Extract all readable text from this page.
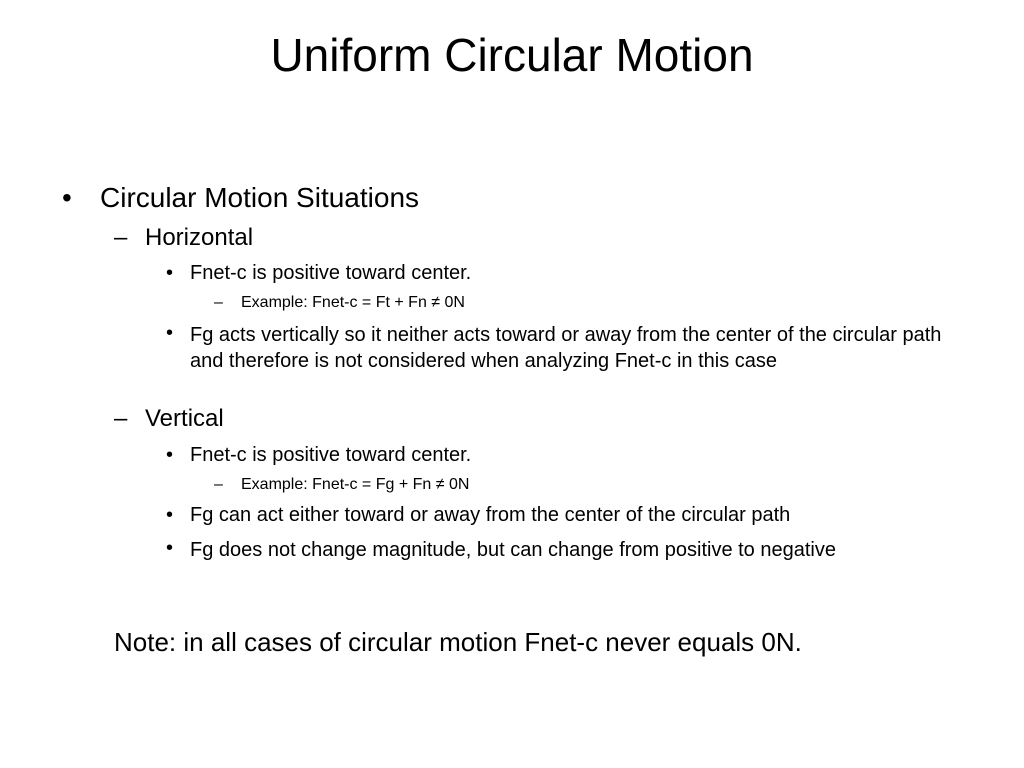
Uniform Circular Motion
• Circular Motion Situations
– Horizontal
• Fnet-c is positive toward center.
– Example: Fnet-c = Ft + Fn ≠ 0N
• Fg acts vertically so it neither acts toward or away from the center of the circular path and therefore is not considered when analyzing Fnet-c in this case
– Vertical
• Fnet-c is positive toward center.
– Example: Fnet-c = Fg + Fn ≠ 0N
• Fg can act either toward or away from the center of the circular path
• Fg does not change magnitude, but can change from positive to negative
Note: in all cases of circular motion Fnet-c never equals 0N.
